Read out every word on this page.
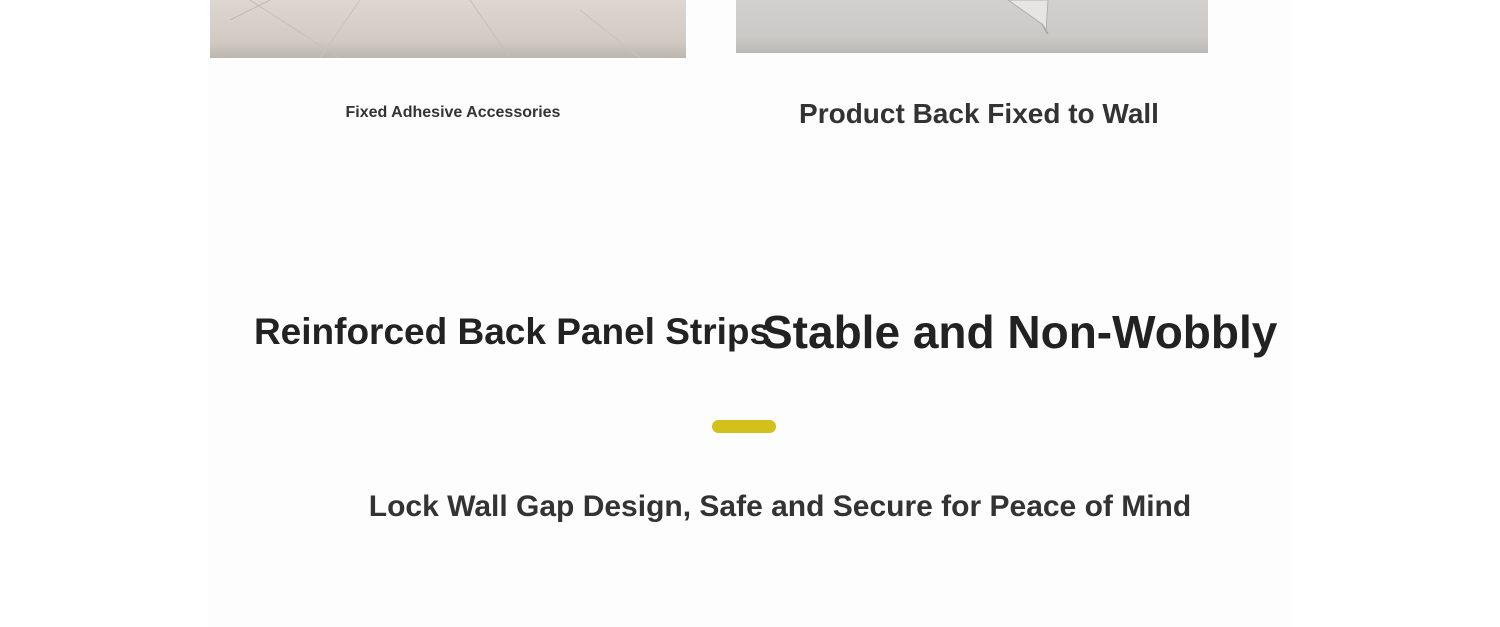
Fixed Adhesive Accessories	Product Back Fixed to Wall

Reinforced Back Panel Strips
Stable and Non-Wobbly
Lock Wall Gap Design, Safe and Secure for Peace of Mind
